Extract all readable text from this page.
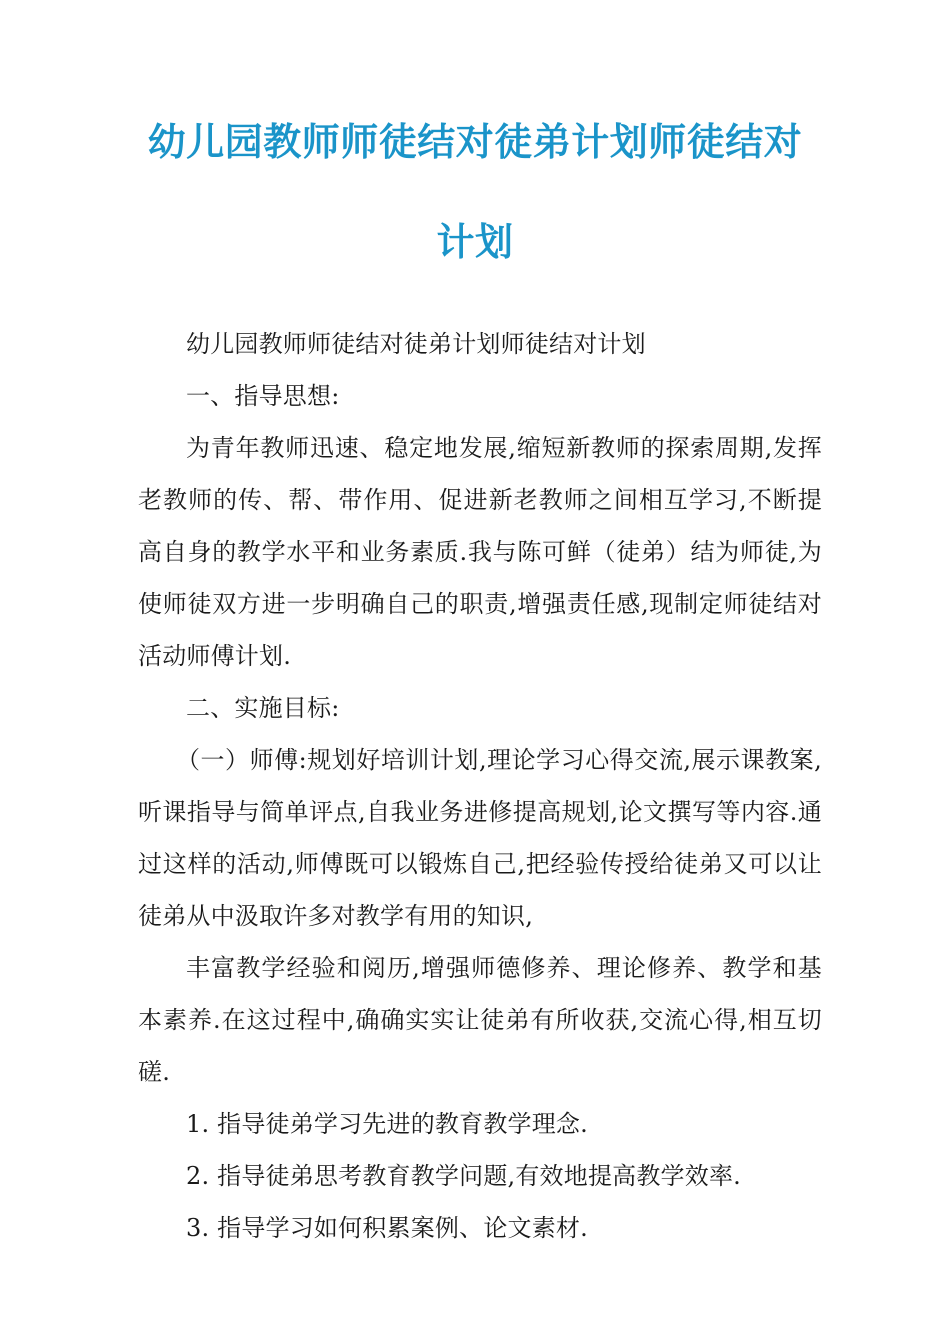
幼儿园教师师徒结对徒弟计划师徒结对
计划

幼儿园教师师徒结对徒弟计划师徒结对计划

一、指导思想:

为青年教师迅速、稳定地发展,缩短新教师的探索周期,发挥老教师的传、帮、带作用、促进新老教师之间相互学习,不断提高自身的教学水平和业务素质.我与陈可鲜（徒弟）结为师徒,为使师徒双方进一步明确自己的职责,增强责任感,现制定师徒结对活动师傅计划.

二、实施目标:

（一）师傅:规划好培训计划,理论学习心得交流,展示课教案,听课指导与简单评点,自我业务进修提高规划,论文撰写等内容.通过这样的活动,师傅既可以锻炼自己,把经验传授给徒弟又可以让徒弟从中汲取许多对教学有用的知识,

丰富教学经验和阅历,增强师德修养、理论修养、教学和基本素养.在这过程中,确确实实让徒弟有所收获,交流心得,相互切磋.

1. 指导徒弟学习先进的教育教学理念.

2. 指导徒弟思考教育教学问题,有效地提高教学效率.

3. 指导学习如何积累案例、论文素材.
